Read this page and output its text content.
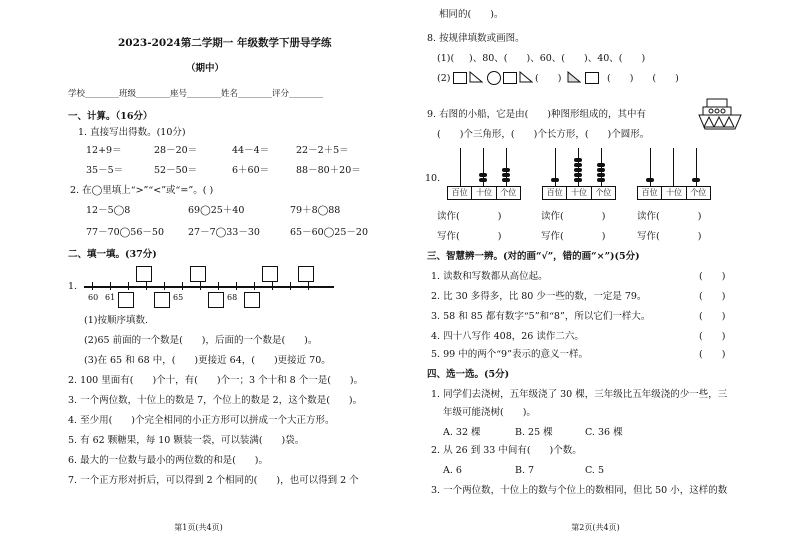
2023-2024第二学期一 年级数学下册导学练
（期中）
学校________班级________座号________姓名________评分________
一、计算。（16分）
1. 直接写出得数。(10分)
12+9＝	28－20＝	44－4＝	22－2＋5＝
35－5＝	52－50＝	6＋60＝	88－80＋20＝
2. 在◯里填上“>”“<”或“=”。( )
12－5◯8	69◯25＋40	79＋8◯88
77－70◯56－50	27－7◯33－30	65－60◯25－20
二、填一填。(37分)
1.
60 61	65	68
(1)按顺序填数.
(2)65 前面的一个数是(　　)，后面的一个数是(　　)。
(3)在 65 和 68 中，(　　)更接近 64，(　　)更接近 70。
2. 100 里面有(　　)个十，有(　　)个一；3 个十和 8 个一是(　　)。
3. 一个两位数，十位上的数是 7，个位上的数是 2，这个数是(　　)。
4. 至少用(　　)个完全相同的小正方形可以拼成一个大正方形。
5. 有 62 颗糖果，每 10 颗装一袋，可以装满(　　)袋。
6. 最大的一位数与最小的两位数的和是(　　)。
7. 一个正方形对折后，可以得到 2 个相同的(　　)，也可以得到 2 个
第1页(共4页)
相同的(　　)。
8. 按规律填数或画图。
(1)( )、80、(　　)、60、(　　)、40、(　　)
(2)	(　　)	(　　)　　(　　)
9. 右图的小船，它是由(　　)种图形组成的，其中有
(　　)个三角形，(　　)个长方形，(　　)个圆形。
10.
百位	十位	个位	百位	十位	个位	百位	十位	个位
读作(　　　　)	读作(　　　　)	读作(　　　　)
写作(　　　　)	写作(　　　　)	写作(　　　　)
三、智慧辨一辨。(对的画“√”，错的画“×”)(5分)
1. 读数和写数都从高位起。	(　　)
2. 比 30 多得多，比 80 少一些的数，一定是 79。	(　　)
3. 58 和 85 都有数字“5”和“8”，所以它们一样大。	(　　)
4. 四十八写作 408，26 读作二六。	(　　)
5. 99 中的两个“9”表示的意义一样。	(　　)
四、选一选。(5分)
1. 同学们去浇树，五年级浇了 30 棵，三年级比五年级浇的少一些，三
年级可能浇树(　　)。
A. 32 棵	B. 25 棵	C. 36 棵
2. 从 26 到 33 中间有(　　)个数。
A. 6	B. 7	C. 5
3. 一个两位数，十位上的数与个位上的数相同，但比 50 小，这样的数
第2页(共4页)
